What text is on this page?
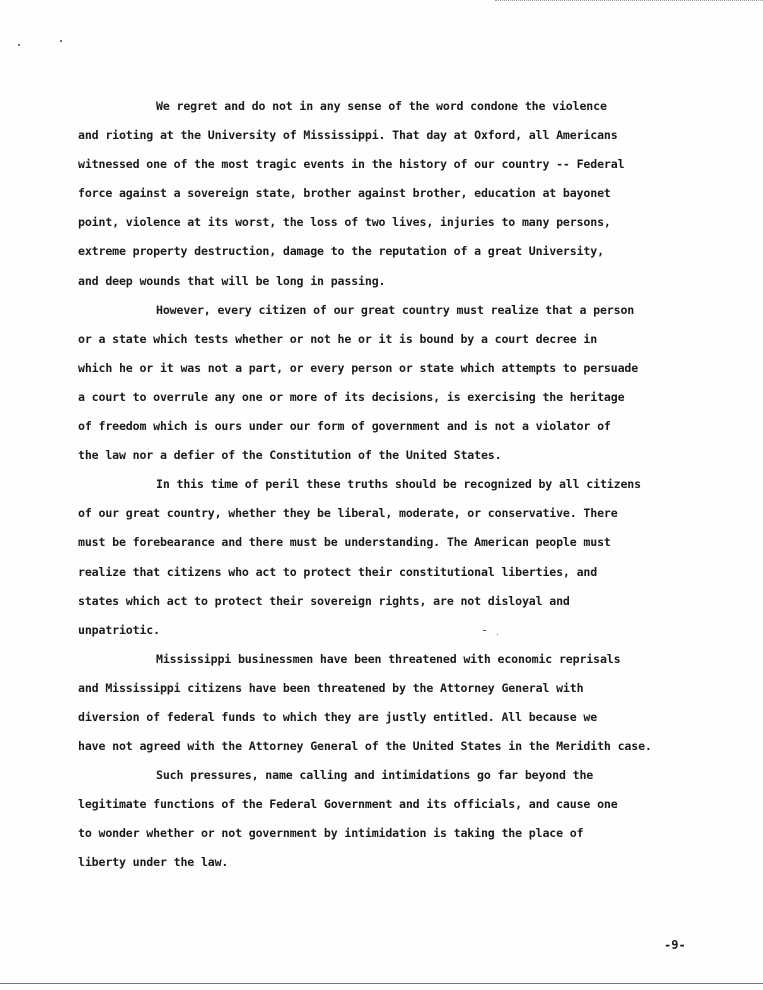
We regret and do not in any sense of the word condone the violence
and rioting at the University of Mississippi. That day at Oxford, all Americans
witnessed one of the most tragic events in the history of our country -- Federal
force against a sovereign state, brother against brother, education at bayonet
point, violence at its worst, the loss of two lives, injuries to many persons,
extreme property destruction, damage to the reputation of a great University,
and deep wounds that will be long in passing.
However, every citizen of our great country must realize that a person
or a state which tests whether or not he or it is bound by a court decree in
which he or it was not a part, or every person or state which attempts to persuade
a court to overrule any one or more of its decisions, is exercising the heritage
of freedom which is ours under our form of government and is not a violator of
the law nor a defier of the Constitution of the United States.
In this time of peril these truths should be recognized by all citizens
of our great country, whether they be liberal, moderate, or conservative. There
must be forebearance and there must be understanding. The American people must
realize that citizens who act to protect their constitutional liberties, and
states which act to protect their sovereign rights, are not disloyal and
unpatriotic.
Mississippi businessmen have been threatened with economic reprisals
and Mississippi citizens have been threatened by the Attorney General with
diversion of federal funds to which they are justly entitled. All because we
have not agreed with the Attorney General of the United States in the Meridith case.
Such pressures, name calling and intimidations go far beyond the
legitimate functions of the Federal Government and its officials, and cause one
to wonder whether or not government by intimidation is taking the place of
liberty under the law.
-9-
